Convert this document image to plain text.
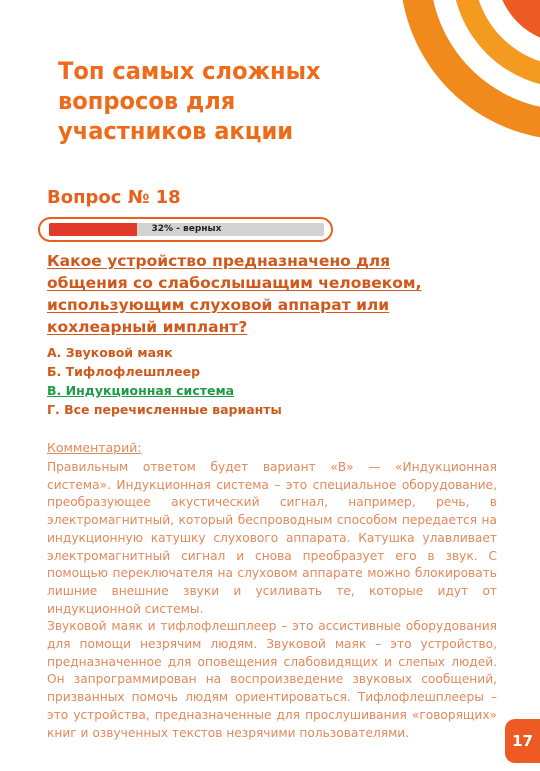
Топ самых сложных вопросов для участников акции
Вопрос № 18
32% - верных
Какое устройство предназначено для общения со слабослышащим человеком, использующим слуховой аппарат или кохлеарный имплант?

А. Звуковой маяк

Б. Тифлофлешплеер

В. Индукционная система

Г. Все перечисленные варианты

Комментарий:

Правильным ответом будет вариант «В» — «Индукционная система». Индукционная система – это специальное оборудование, преобразующее акустический сигнал, например, речь, в электромагнитный, который беспроводным способом передается на индукционную катушку слухового аппарата. Катушка улавливает электромагнитный сигнал и снова преобразует его в звук. С помощью переключателя на слуховом аппарате можно блокировать лишние внешние звуки и усиливать те, которые идут от индукционной системы.

Звуковой маяк и тифлофлешплеер – это ассистивные оборудования для помощи незрячим людям. Звуковой маяк – это устройство, предназначенное для оповещения слабовидящих и слепых людей. Он запрограммирован на воспроизведение звуковых сообщений, призванных помочь людям ориентироваться. Тифлофлешплееры – это устройства, предназначенные для прослушивания «говорящих» книг и озвученных текстов незрячими пользователями.	17
